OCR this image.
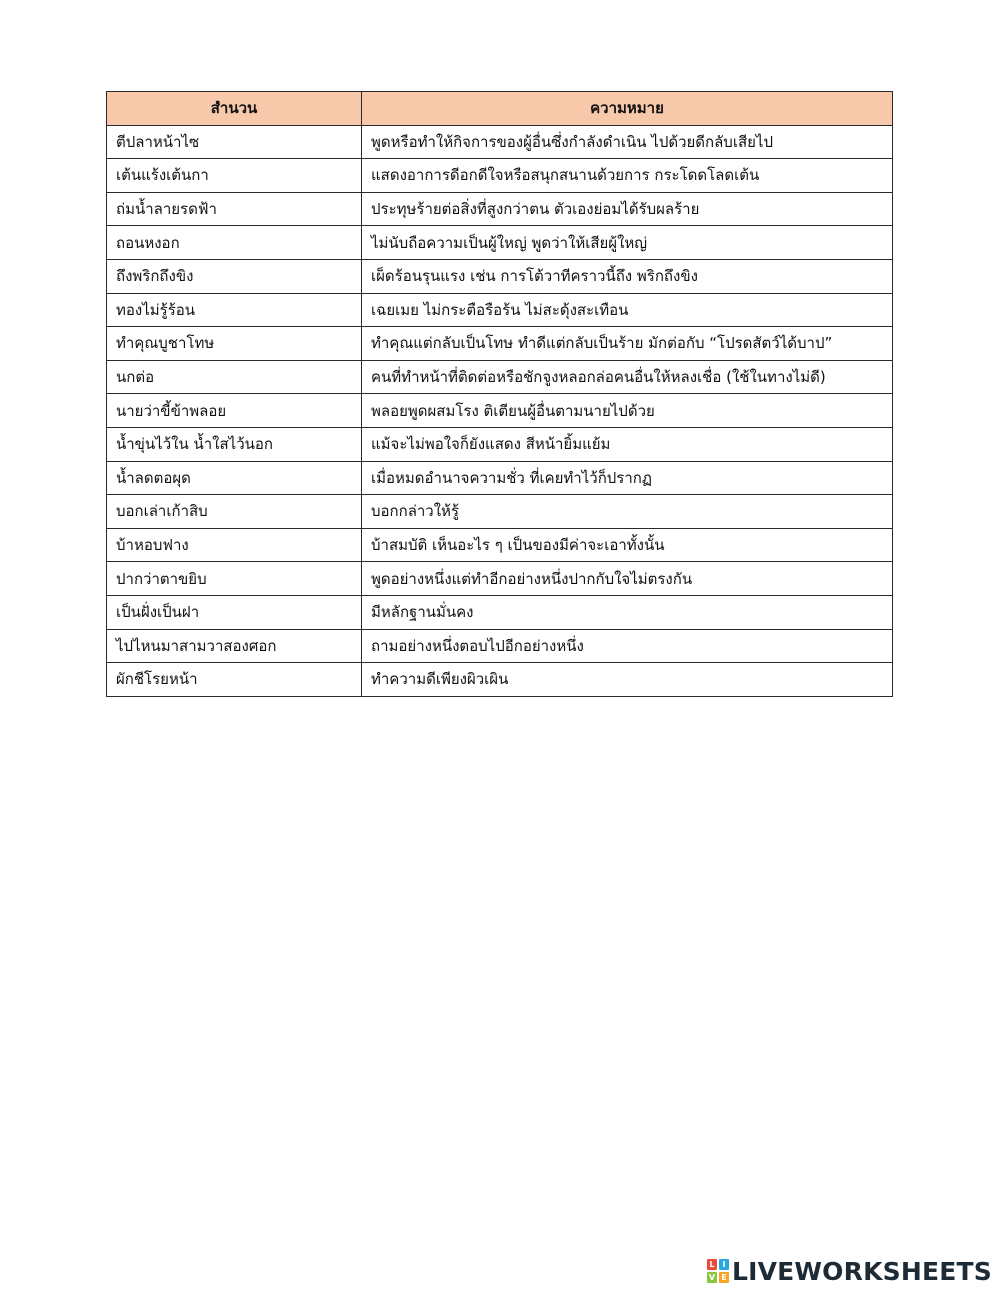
สำนวน	ความหมาย
ตีปลาหน้าไซ	พูดหรือทำให้กิจการของผู้อื่นซึ่งกำลังดำเนิน ไปด้วยดีกลับเสียไป
เต้นแร้งเต้นกา	แสดงอาการดีอกดีใจหรือสนุกสนานด้วยการ กระโดดโลดเต้น
ถ่มน้ำลายรดฟ้า	ประทุษร้ายต่อสิ่งที่สูงกว่าตน ตัวเองย่อมได้รับผลร้าย
ถอนหงอก	ไม่นับถือความเป็นผู้ใหญ่ พูดว่าให้เสียผู้ใหญ่
ถึงพริกถึงขิง	เผ็ดร้อนรุนแรง เช่น การโต้วาทีคราวนี้ถึง พริกถึงขิง
ทองไม่รู้ร้อน	เฉยเมย ไม่กระตือรือร้น ไม่สะดุ้งสะเทือน
ทำคุณบูชาโทษ	ทำคุณแต่กลับเป็นโทษ ทำดีแต่กลับเป็นร้าย มักต่อกับ “โปรดสัตว์ได้บาป”
นกต่อ	คนที่ทำหน้าที่ติดต่อหรือชักจูงหลอกล่อคนอื่นให้หลงเชื่อ (ใช้ในทางไม่ดี)
นายว่าขี้ข้าพลอย	พลอยพูดผสมโรง ติเตียนผู้อื่นตามนายไปด้วย
น้ำขุ่นไว้ใน น้ำใสไว้นอก	แม้จะไม่พอใจก็ยังแสดง สีหน้ายิ้มแย้ม
น้ำลดตอผุด	เมื่อหมดอำนาจความชั่ว ที่เคยทำไว้ก็ปรากฏ
บอกเล่าเก้าสิบ	บอกกล่าวให้รู้
บ้าหอบฟาง	บ้าสมบัติ เห็นอะไร ๆ เป็นของมีค่าจะเอาทั้งนั้น
ปากว่าตาขยิบ	พูดอย่างหนึ่งแต่ทำอีกอย่างหนึ่งปากกับใจไม่ตรงกัน
เป็นฝั่งเป็นฝา	มีหลักฐานมั่นคง
ไปไหนมาสามวาสองศอก	ถามอย่างหนึ่งตอบไปอีกอย่างหนึ่ง
ผักชีโรยหน้า	ทำความดีเพียงผิวเผิน
L I
V E LIVEWORKSHEETS
